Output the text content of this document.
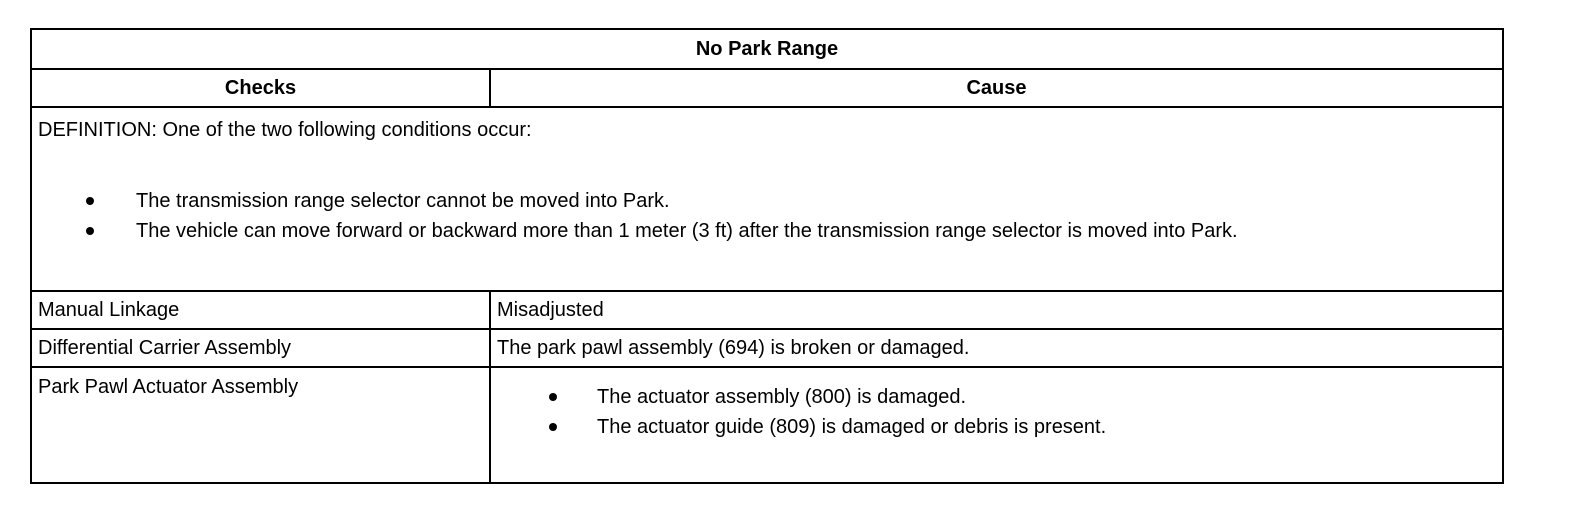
No Park Range
Checks	Cause

DEFINITION: One of the two following conditions occur:

The transmission range selector cannot be moved into Park.
The vehicle can move forward or backward more than 1 meter (3 ft) after the transmission range selector is moved into Park.
Manual Linkage	Misadjusted
Differential Carrier Assembly	The park pawl assembly (694) is broken or damaged.
Park Pawl Actuator Assembly	The actuator assembly (800) is damaged.
The actuator guide (809) is damaged or debris is present.
